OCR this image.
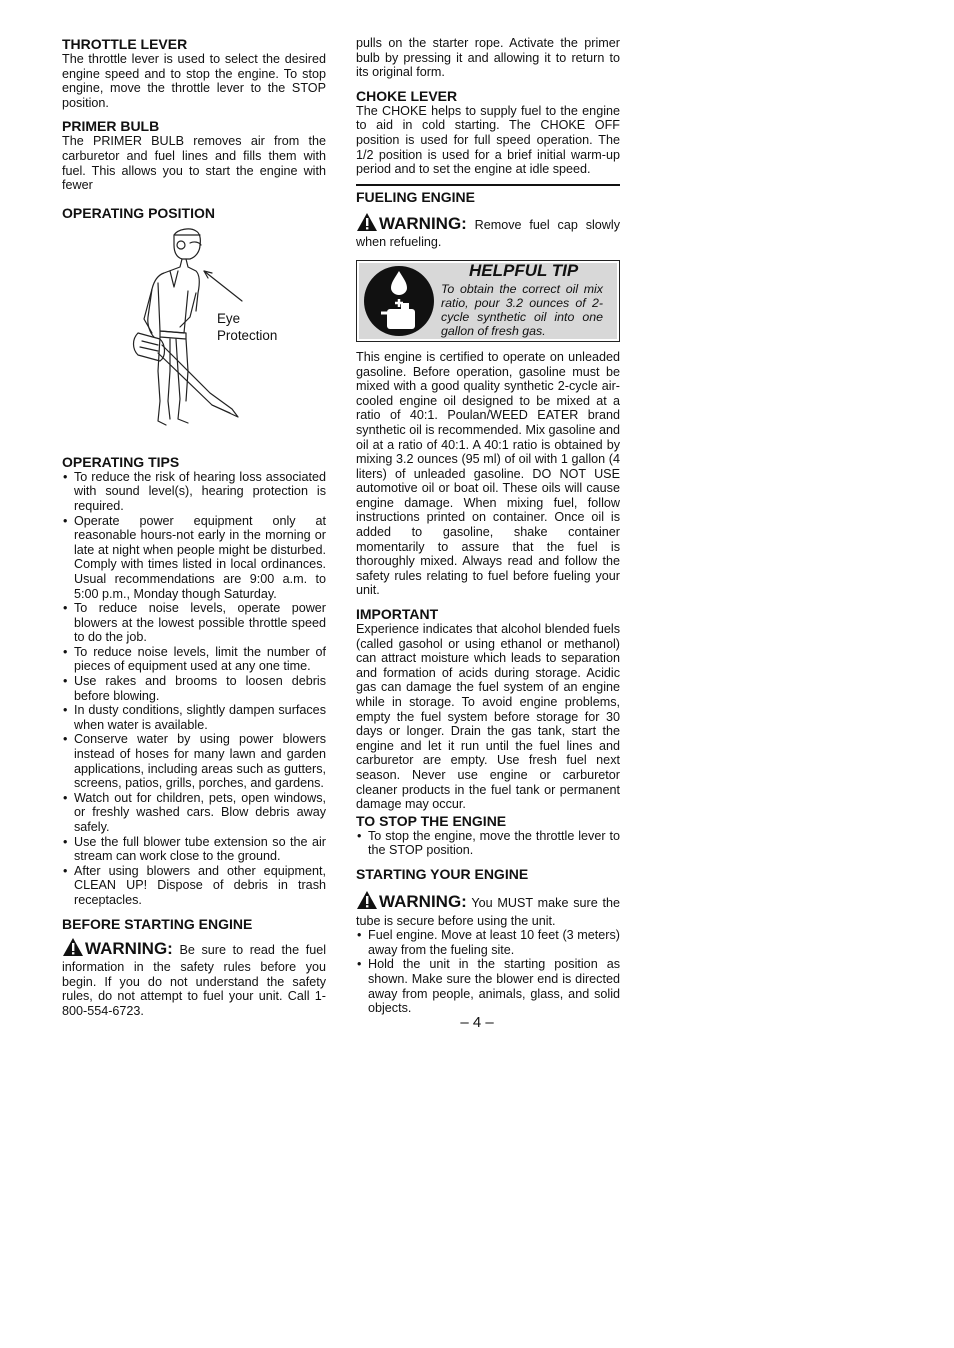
THROTTLE LEVER

The throttle lever is used to select the desired engine speed and to stop the engine. To stop engine, move the throttle lever to the STOP position.

PRIMER BULB

The PRIMER BULB removes air from the carburetor and fuel lines and fills them with fuel. This allows you to start the engine with fewer

OPERATING POSITION
Eye
Protection
OPERATING TIPS
• To reduce the risk of hearing loss associated with sound level(s), hearing protection is required.
• Operate power equipment only at reasonable hours-not early in the morning or late at night when people might be disturbed. Comply with times listed in local ordinances. Usual recommendations are 9:00 a.m. to 5:00 p.m., Monday though Saturday.
• To reduce noise levels, operate power blowers at the lowest possible throttle speed to do the job.
• To reduce noise levels, limit the number of pieces of equipment used at any one time.
• Use rakes and brooms to loosen debris before blowing.
• In dusty conditions, slightly dampen surfaces when water is available.
• Conserve water by using power blowers instead of hoses for many lawn and garden applications, including areas such as gutters, screens, patios, grills, porches, and gardens.
• Watch out for children, pets, open windows, or freshly washed cars. Blow debris away safely.
• Use the full blower tube extension so the air stream can work close to the ground.
• After using blowers and other equipment, CLEAN UP! Dispose of debris in trash receptacles.
BEFORE STARTING ENGINE

WARNING: Be sure to read the fuel information in the safety rules before you begin. If you do not understand the safety rules, do not attempt to fuel your unit. Call 1-800-554-6723.

pulls on the starter rope. Activate the primer bulb by pressing it and allowing it to return to its original form.

CHOKE LEVER

The CHOKE helps to supply fuel to the engine to aid in cold starting. The CHOKE OFF position is used for full speed operation. The 1/2 position is used for a brief initial warm-up period and to set the engine at idle speed.

FUELING ENGINE

WARNING: Remove fuel cap slowly when refueling.

HELPFUL TIP
To obtain the correct oil mix ratio, pour 3.2 ounces of 2-cycle synthetic oil into one gallon of fresh gas.

This engine is certified to operate on unleaded gasoline. Before operation, gasoline must be mixed with a good quality synthetic 2-cycle air-cooled engine oil designed to be mixed at a ratio of 40:1. Poulan/WEED EATER brand synthetic oil is recommended. Mix gasoline and oil at a ratio of 40:1. A 40:1 ratio is obtained by mixing 3.2 ounces (95 ml) of oil with 1 gallon (4 liters) of unleaded gasoline. DO NOT USE automotive oil or boat oil. These oils will cause engine damage. When mixing fuel, follow instructions printed on container. Once oil is added to gasoline, shake container momentarily to assure that the fuel is thoroughly mixed. Always read and follow the safety rules relating to fuel before fueling your unit.

IMPORTANT

Experience indicates that alcohol blended fuels (called gasohol or using ethanol or methanol) can attract moisture which leads to separation and formation of acids during storage. Acidic gas can damage the fuel system of an engine while in storage. To avoid engine problems, empty the fuel system before storage for 30 days or longer. Drain the gas tank, start the engine and let it run until the fuel lines and carburetor are empty. Use fresh fuel next season. Never use engine or carburetor cleaner products in the fuel tank or permanent damage may occur.

TO STOP THE ENGINE
• To stop the engine, move the throttle lever to the STOP position.
STARTING YOUR ENGINE

WARNING: You MUST make sure the tube is secure before using the unit.

• Fuel engine. Move at least 10 feet (3 meters) away from the fueling site.
• Hold the unit in the starting position as shown. Make sure the blower end is directed away from people, animals, glass, and solid objects.
– 4 –
